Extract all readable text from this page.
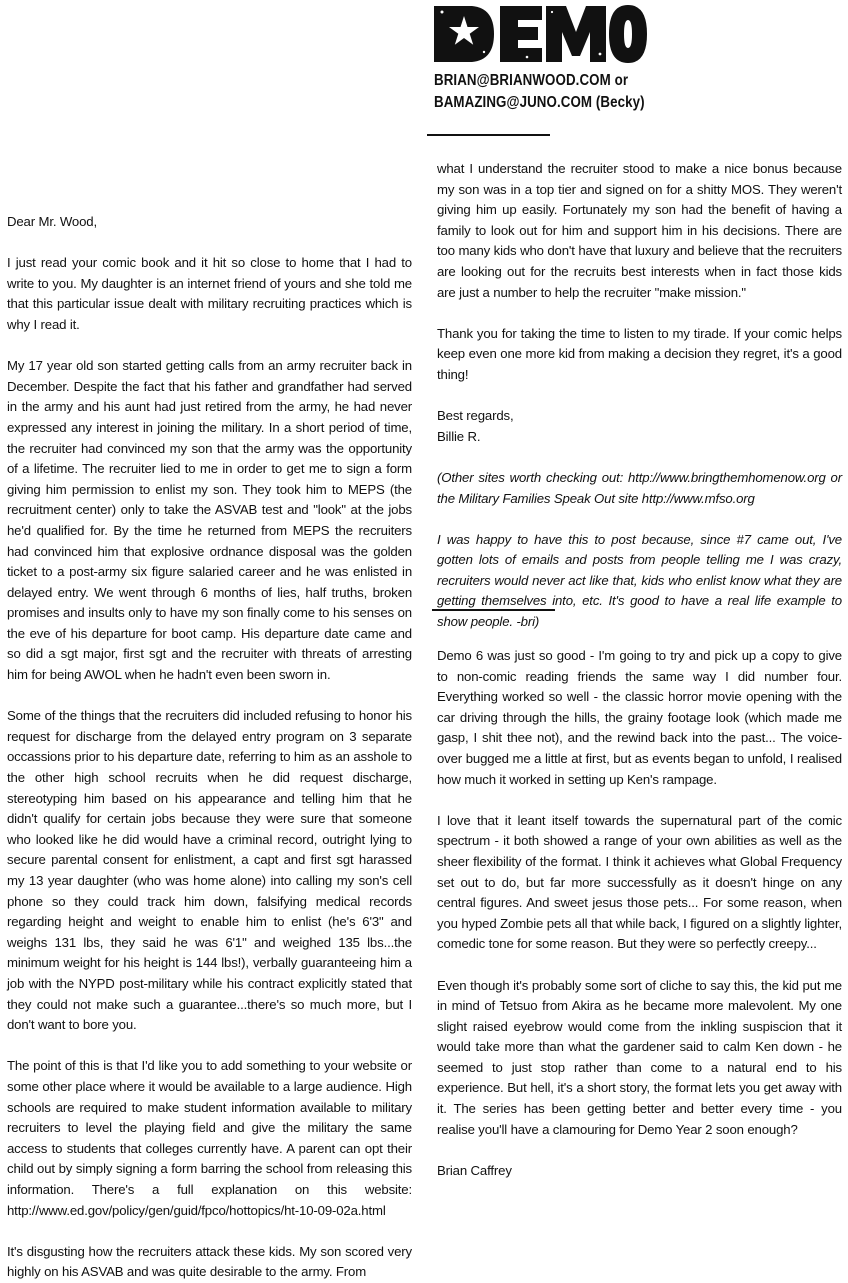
BRIAN@BRIANWOOD.COM or
BAMAZING@JUNO.COM (Becky)

Dear Mr. Wood,

I just read your comic book and it hit so close to home that I had to write to you. My daughter is an internet friend of yours and she told me that this particular issue dealt with military recruiting practices which is why I read it.

My 17 year old son started getting calls from an army recruiter back in December. Despite the fact that his father and grandfather had served in the army and his aunt had just retired from the army, he had never expressed any interest in joining the military. In a short period of time, the recruiter had convinced my son that the army was the opportunity of a lifetime. The recruiter lied to me in order to get me to sign a form giving him permission to enlist my son. They took him to MEPS (the recruitment center) only to take the ASVAB test and "look" at the jobs he'd qualified for. By the time he returned from MEPS the recruiters had convinced him that explosive ordnance disposal was the golden ticket to a post-army six figure salaried career and he was enlisted in delayed entry. We went through 6 months of lies, half truths, broken promises and insults only to have my son finally come to his senses on the eve of his departure for boot camp. His departure date came and so did a sgt major, first sgt and the recruiter with threats of arresting him for being AWOL when he hadn't even been sworn in.

Some of the things that the recruiters did included refusing to honor his request for discharge from the delayed entry program on 3 separate occassions prior to his departure date, referring to him as an asshole to the other high school recruits when he did request discharge, stereotyping him based on his appearance and telling him that he didn't qualify for certain jobs because they were sure that someone who looked like he did would have a criminal record, outright lying to secure parental consent for enlistment, a capt and first sgt harassed my 13 year daughter (who was home alone) into calling my son's cell phone so they could track him down, falsifying medical records regarding height and weight to enable him to enlist (he's 6'3" and weighs 131 lbs, they said he was 6'1" and weighed 135 lbs...the minimum weight for his height is 144 lbs!), verbally guaranteeing him a job with the NYPD post-military while his contract explicitly stated that they could not make such a guarantee...there's so much more, but I don't want to bore you.

The point of this is that I'd like you to add something to your website or some other place where it would be available to a large audience. High schools are required to make student information available to military recruiters to level the playing field and give the military the same access to students that colleges currently have. A parent can opt their child out by simply signing a form barring the school from releasing this information. There's a full explanation on this website: http://www.ed.gov/policy/gen/guid/fpco/hottopics/ht-10-09-02a.html

It's disgusting how the recruiters attack these kids. My son scored very highly on his ASVAB and was quite desirable to the army. From

what I understand the recruiter stood to make a nice bonus because my son was in a top tier and signed on for a shitty MOS. They weren't giving him up easily. Fortunately my son had the benefit of having a family to look out for him and support him in his decisions. There are too many kids who don't have that luxury and believe that the recruiters are looking out for the recruits best interests when in fact those kids are just a number to help the recruiter "make mission."

Thank you for taking the time to listen to my tirade. If your comic helps keep even one more kid from making a decision they regret, it's a good thing!

Best regards,
Billie R.

(Other sites worth checking out: http://www.bringthemhomenow.org or the Military Families Speak Out site http://www.mfso.org

I was happy to have this to post because, since #7 came out, I've gotten lots of emails and posts from people telling me I was crazy, recruiters would never act like that, kids who enlist know what they are getting themselves into, etc. It's good to have a real life example to show people. -bri)

Demo 6 was just so good - I'm going to try and pick up a copy to give to non-comic reading friends the same way I did number four. Everything worked so well - the classic horror movie opening with the car driving through the hills, the grainy footage look (which made me gasp, I shit thee not), and the rewind back into the past... The voice-over bugged me a little at first, but as events began to unfold, I realised how much it worked in setting up Ken's rampage.

I love that it leant itself towards the supernatural part of the comic spectrum - it both showed a range of your own abilities as well as the sheer flexibility of the format. I think it achieves what Global Frequency set out to do, but far more successfully as it doesn't hinge on any central figures. And sweet jesus those pets... For some reason, when you hyped Zombie pets all that while back, I figured on a slightly lighter, comedic tone for some reason. But they were so perfectly creepy...

Even though it's probably some sort of cliche to say this, the kid put me in mind of Tetsuo from Akira as he became more malevolent. My one slight raised eyebrow would come from the inkling suspiscion that it would take more than what the gardener said to calm Ken down - he seemed to just stop rather than come to a natural end to his experience. But hell, it's a short story, the format lets you get away with it. The series has been getting better and better every time - you realise you'll have a clamouring for Demo Year 2 soon enough?

Brian Caffrey
